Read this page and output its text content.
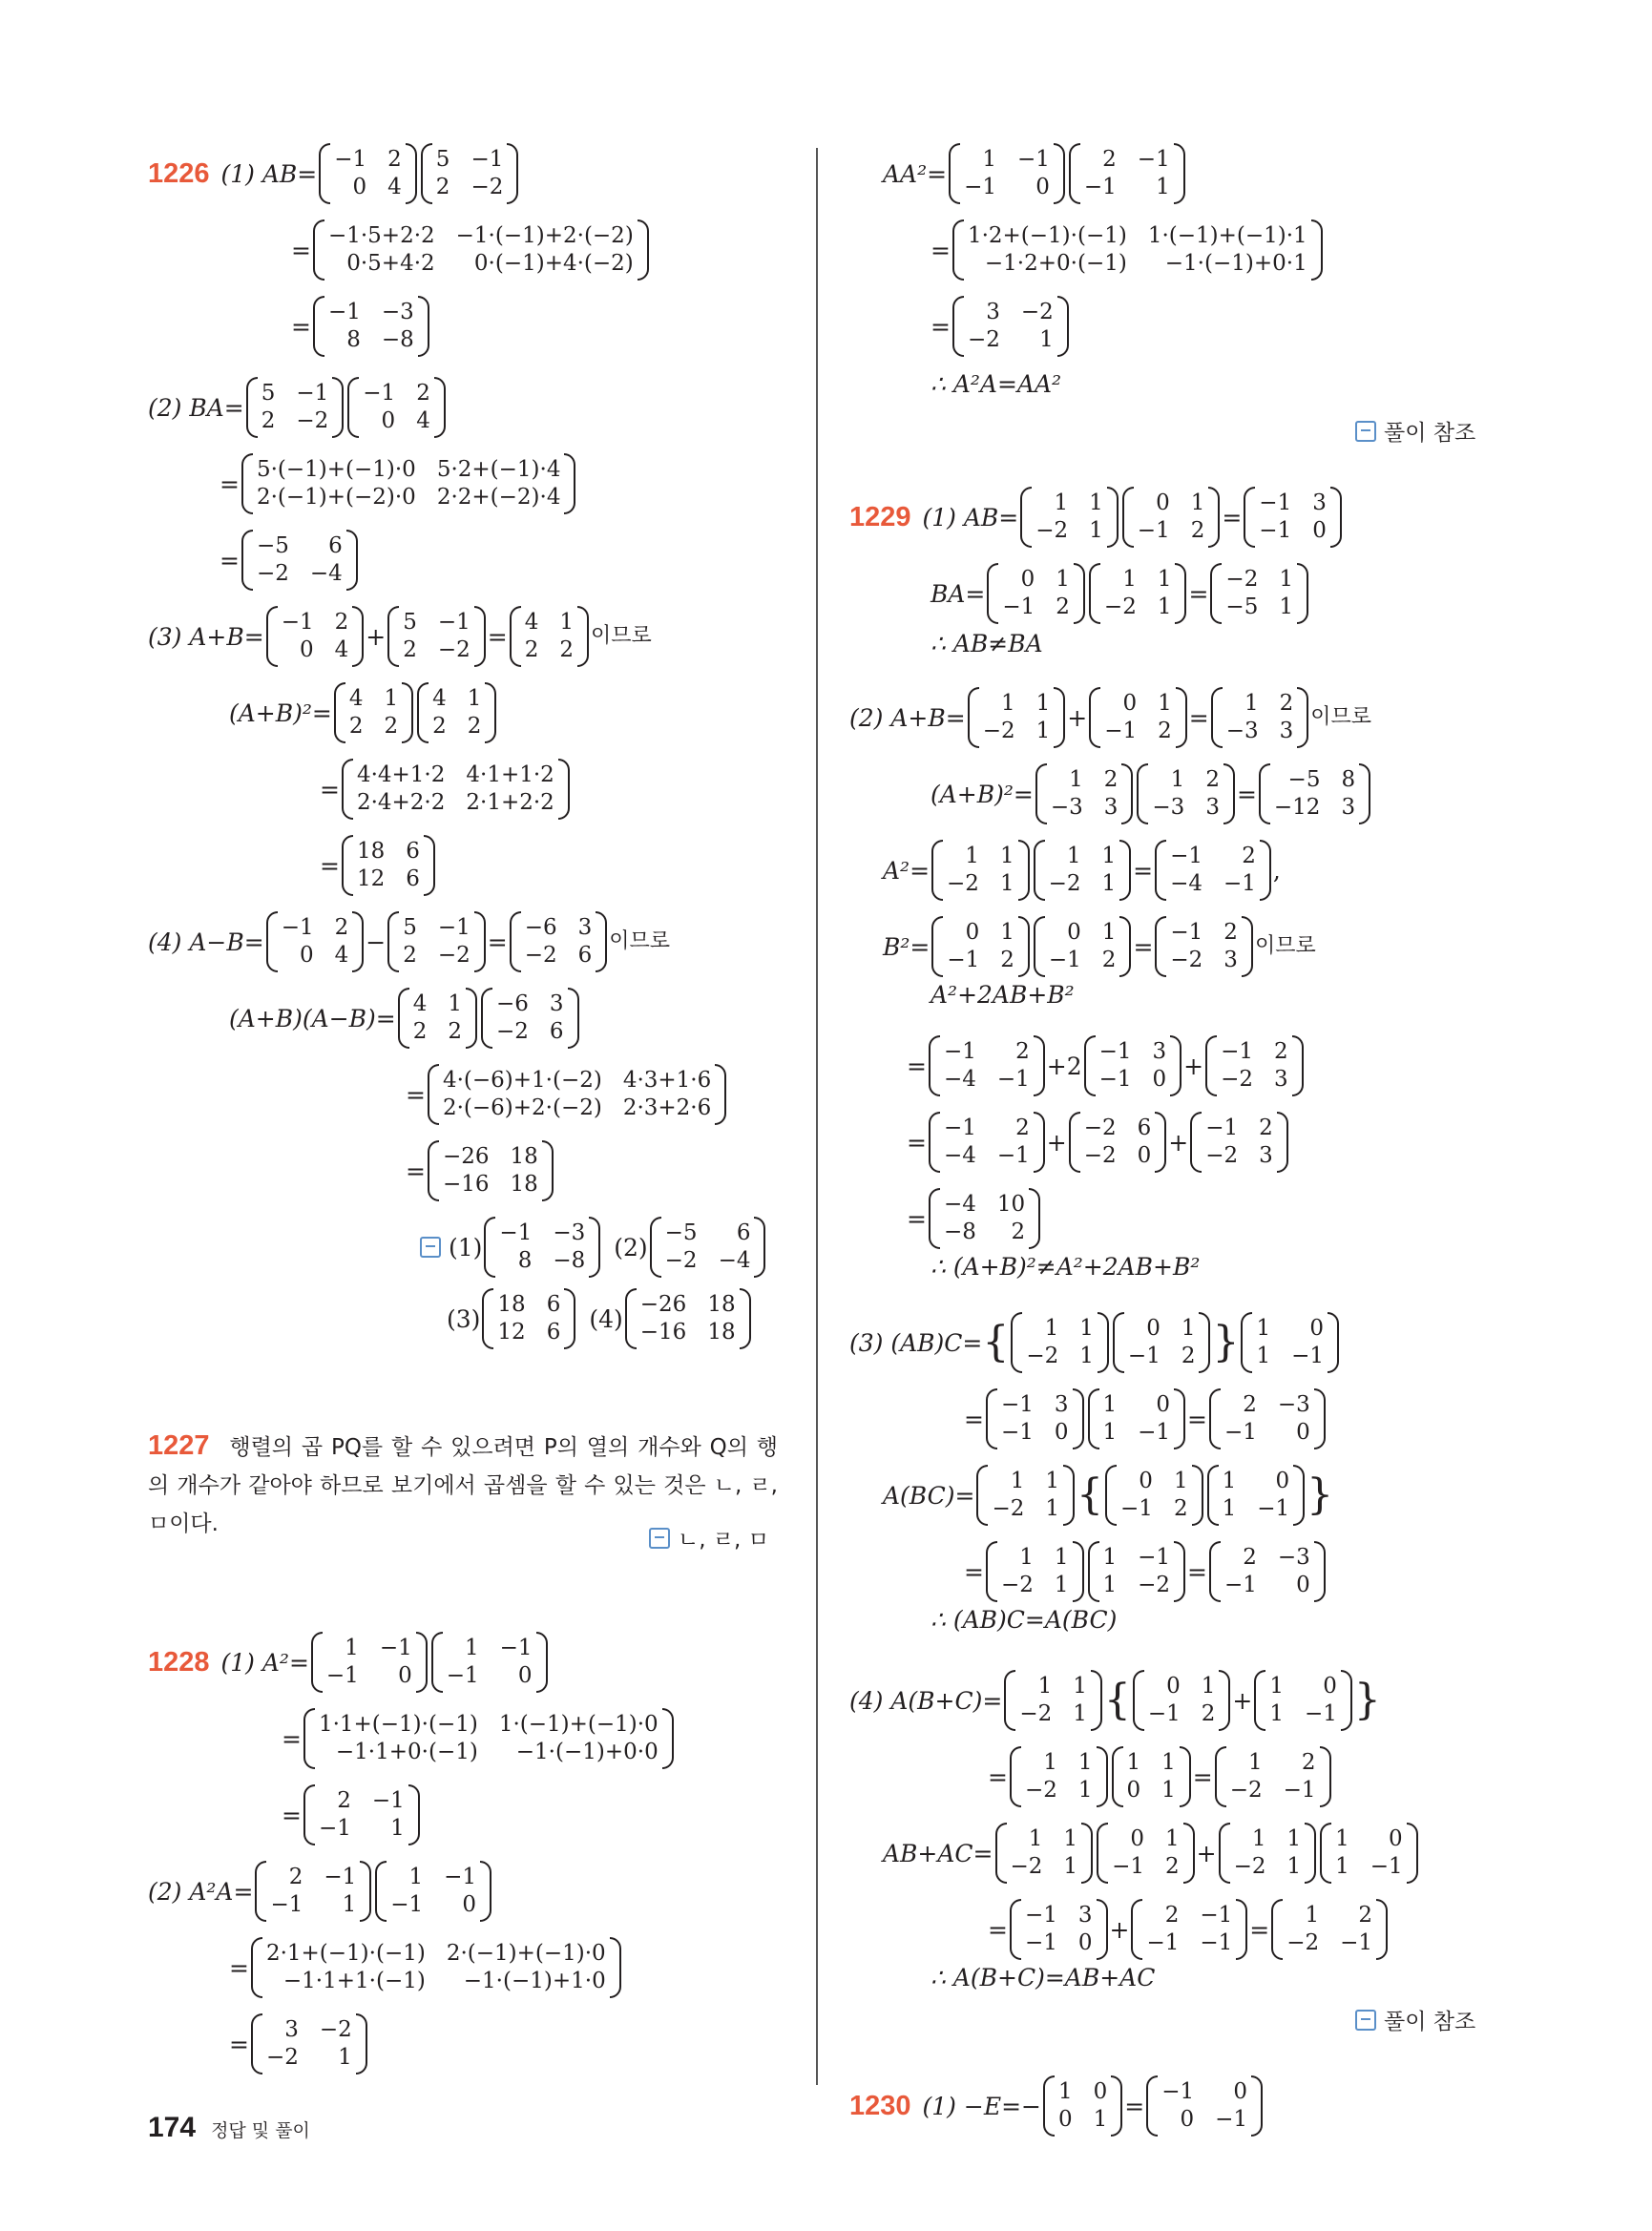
1226 (1) AB=
−1 2
0 4
5 −1
2 −2
=
−1·5+2·2 −1·(−1)+2·(−2)
0·5+4·2	0·(−1)+4·(−2)
=
−1 −3
8 −8
(2) BA=
5 −1
2 −2
−1 2
0 4
=
5·(−1)+(−1)·0 5·2+(−1)·4
2·(−1)+(−2)·0 2·2+(−2)·4
=
−5	6
−2 −4
(3) A+B=
−1 2
0 4 +
5 −1
2 −2 =
4 1
2 2
이므로
(A+B)²=
4 1
2 2
4 1
2 2
=
4·4+1·2 4·1+1·2
2·4+2·2 2·1+2·2
=
18 6
12 6
(4) A−B=
−1 2
0 4 −
5 −1
2 −2 =
−6 3
−2 6
이므로
(A+B)(A−B)=
4 1
2 2
−6 3
−2 6
=
4·(−6)+1·(−2) 4·3+1·6
2·(−6)+2·(−2) 2·3+2·6
=
−26 18
−16 18
(1)
−1 −3
8 −8 (2)
−5	6
−2 −4
(3)
18 6
12 6 (4)
−26 18
−16 18
1227 행렬의 곱 PQ를 할 수 있으려면 P의 열의 개수와 Q의 행의 개수가 같아야 하므로 보기에서 곱셈을 할 수 있는 것은 ㄴ, ㄹ, ㅁ이다.
ㄴ, ㄹ, ㅁ
1228 (1) A²=
1 −1
−1	0
1 −1
−1	0
=
1·1+(−1)·(−1) 1·(−1)+(−1)·0
−1·1+0·(−1)	−1·(−1)+0·0
=
2 −1
−1	1
(2) A²A=
2 −1
−1	1
1 −1
−1	0
=
2·1+(−1)·(−1) 2·(−1)+(−1)·0
−1·1+1·(−1)	−1·(−1)+1·0
=
3 −2
−2	1
AA²=
1 −1
−1	0
2 −1
−1	1
=
1·2+(−1)·(−1) 1·(−1)+(−1)·1
−1·2+0·(−1)	−1·(−1)+0·1
=
3 −2
−2	1
∴ A²A=AA²
풀이 참조
1229 (1) AB=
1 1
−2 1
0 1
−1 2 =
−1 3
−1 0
BA=
0 1
−1 2
1 1
−2 1 =
−2 1
−5 1
∴ AB≠BA
(2) A+B=
1 1
−2 1 +
0 1
−1 2 =
1 2
−3 3
이므로
(A+B)²=
1 2
−3 3
1 2
−3 3 =
−5 8
−12 3
A²=
1 1
−2 1
1 1
−2 1 =
−1	2
−4 −1 ,
B²=
0 1
−1 2
0 1
−1 2 =
−1 2
−2 3
이므로
A²+2AB+B²
=
−1	2
−4 −1 +2
−1 3
−1 0 +
−1 2
−2 3
=
−1	2
−4 −1 +
−2 6
−2 0 +
−1 2
−2 3
=
−4 10
−8	2
∴ (A+B)²≠A²+2AB+B²
(3) (AB)C= {	1 1
−2 1
0 1
−1 2 } 1	0
1 −1
=
−1 3
−1 0
1	0
1 −1 =
2 −3
−1	0
A(BC)=
1 1
−2 1 {	0 1
−1 2
1	0
1 −1 }
=
1 1
−2 1
1 −1
1 −2 =
2 −3
−1	0
∴ (AB)C=A(BC)
(4) A(B+C)=
1 1
−2 1 {	0 1
−1 2 +
1	0
1 −1 }
=
1 1
−2 1
1 1
0 1 =
1	2
−2 −1
AB+AC=
1 1
−2 1
0 1
−1 2 +
1 1
−2 1
1	0
1 −1
=
−1 3
−1 0 +
2 −1
−1 −1 =
1	2
−2 −1
∴ A(B+C)=AB+AC
풀이 참조
1230 (1) −E=−
1 0
0 1 =
−1	0
0 −1
174 정답 및 풀이
